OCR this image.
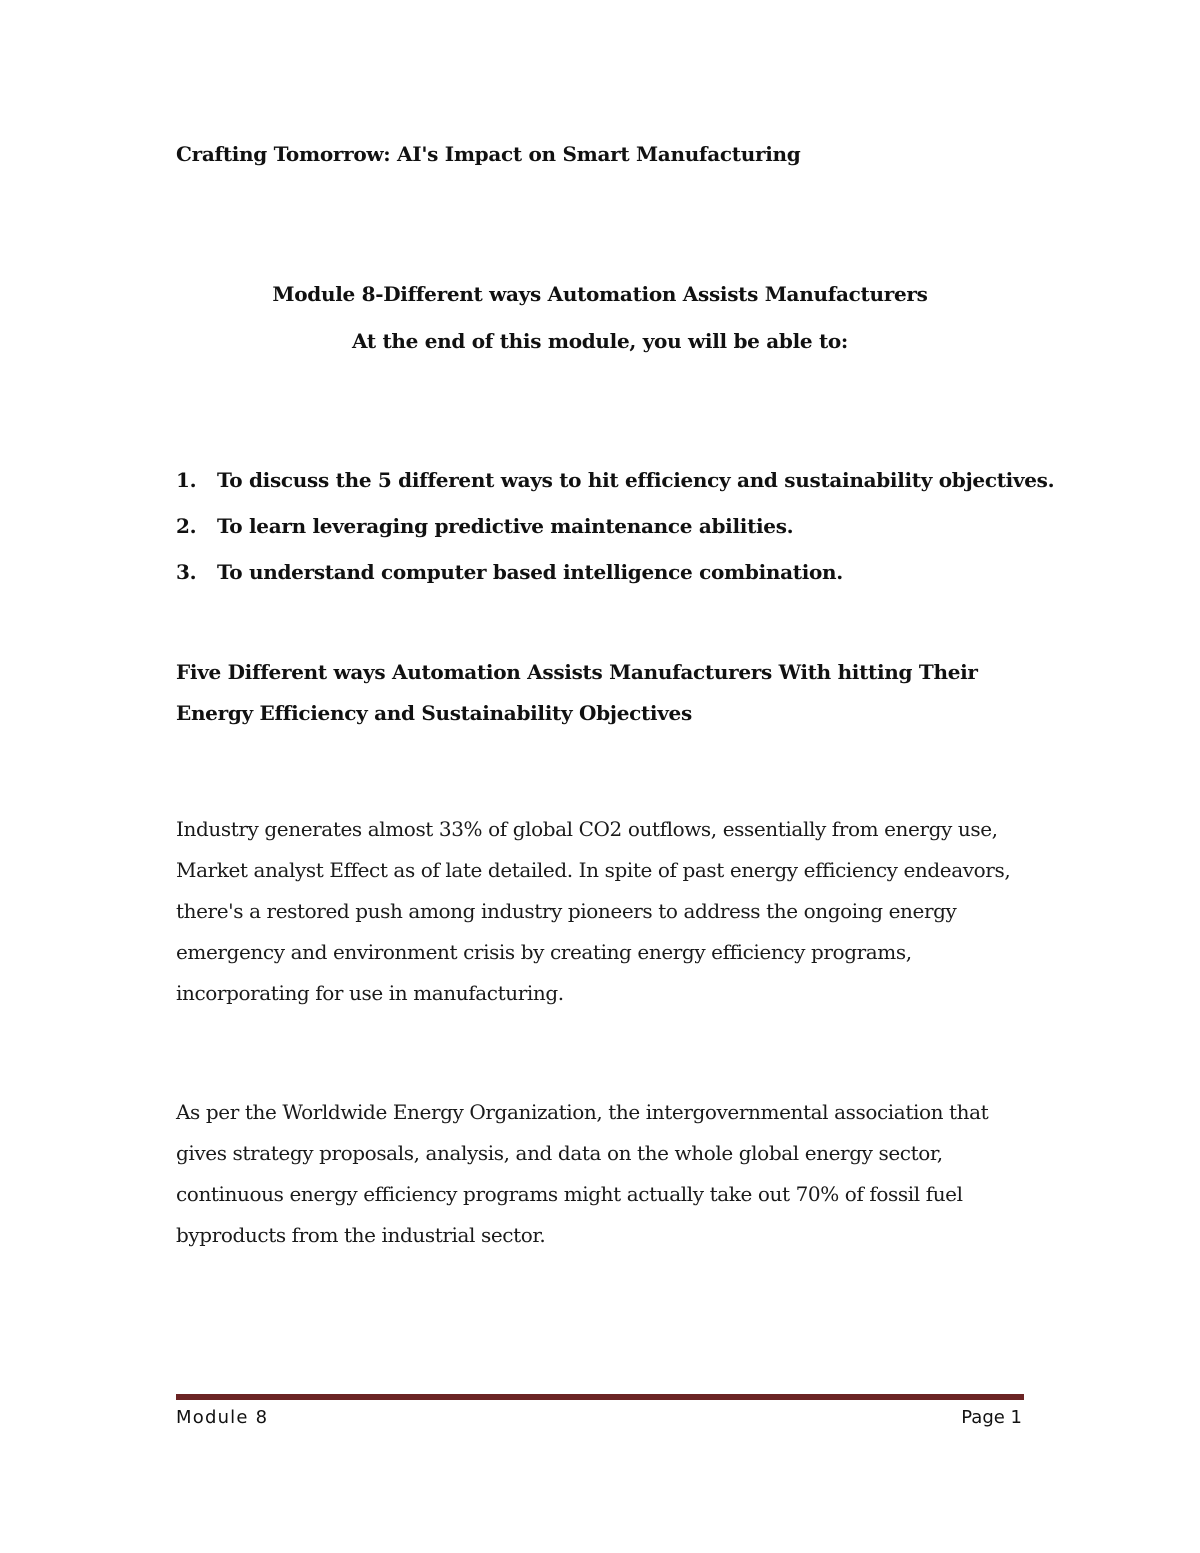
Crafting Tomorrow: AI's Impact on Smart Manufacturing
Module 8-Different ways Automation Assists Manufacturers
At the end of this module, you will be able to:
1. To discuss the 5 different ways to hit efficiency and sustainability objectives.
2. To learn leveraging predictive maintenance abilities.
3. To understand computer based intelligence combination.
Five Different ways Automation Assists Manufacturers With hitting Their Energy Efficiency and Sustainability Objectives

Industry generates almost 33% of global CO2 outflows, essentially from energy use, Market analyst Effect as of late detailed. In spite of past energy efficiency endeavors, there's a restored push among industry pioneers to address the ongoing energy emergency and environment crisis by creating energy efficiency programs, incorporating for use in manufacturing.

As per the Worldwide Energy Organization, the intergovernmental association that gives strategy proposals, analysis, and data on the whole global energy sector, continuous energy efficiency programs might actually take out 70% of fossil fuel byproducts from the industrial sector.

Module 8	Page 1
